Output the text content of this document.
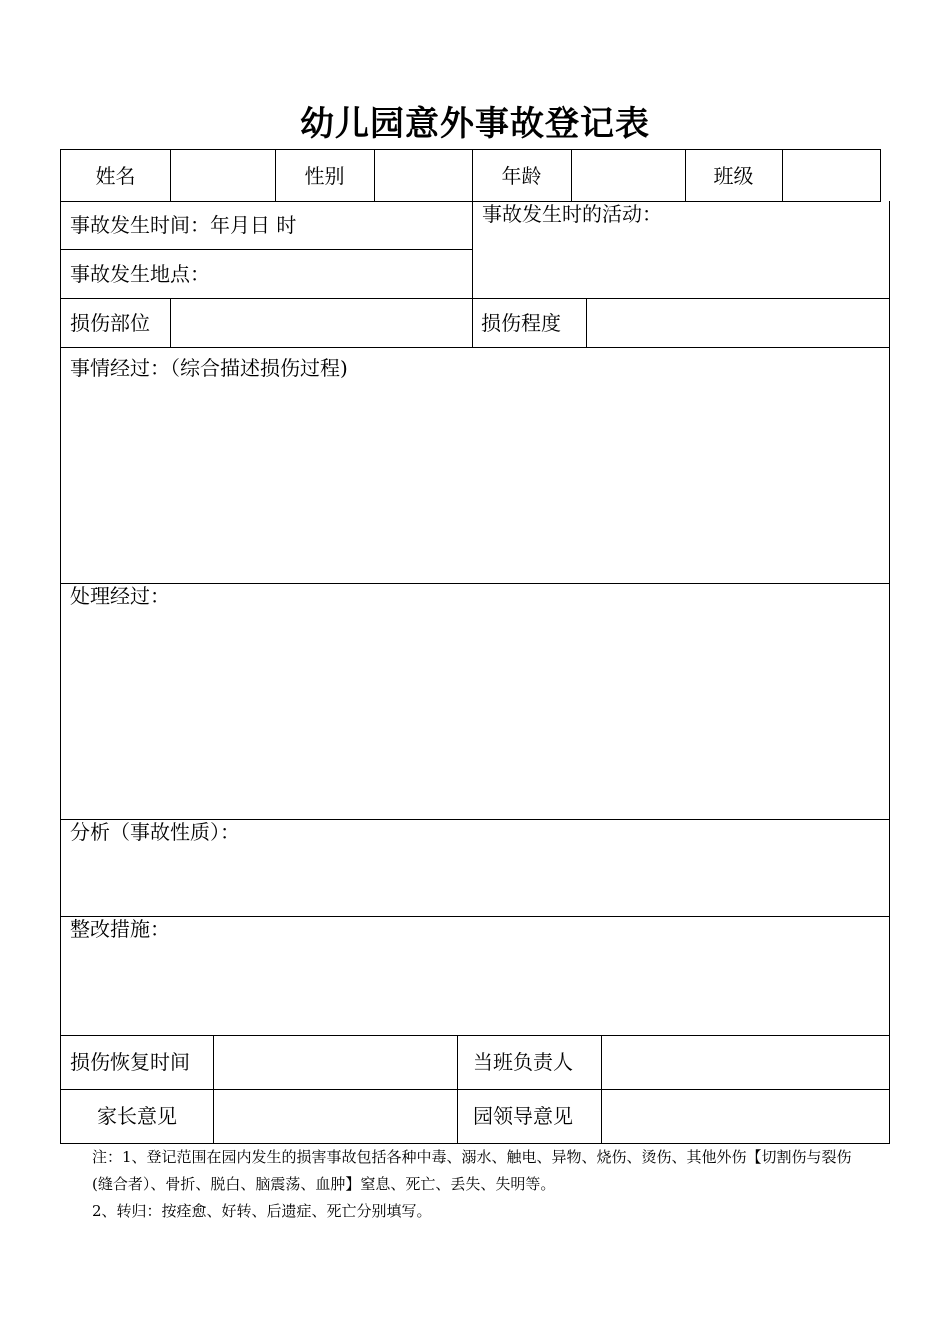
幼儿园意外事故登记表
姓名	性别	年龄	班级
事故发生时间：年月日 时
事故发生地点：
事故发生时的活动：
损伤部位	损伤程度
事情经过：（综合描述损伤过程)
处理经过：
分析（事故性质）：
整改措施：
损伤恢复时间	当班负责人
家长意见	园领导意见
注：1、登记范围在园内发生的损害事故包括各种中毒、溺水、触电、异物、烧伤、烫伤、其他外伤【切割伤与裂伤(缝合者）、骨折、脱白、脑震荡、血肿】窒息、死亡、丢失、失明等。
2、转归：按痊愈、好转、后遗症、死亡分别填写。
